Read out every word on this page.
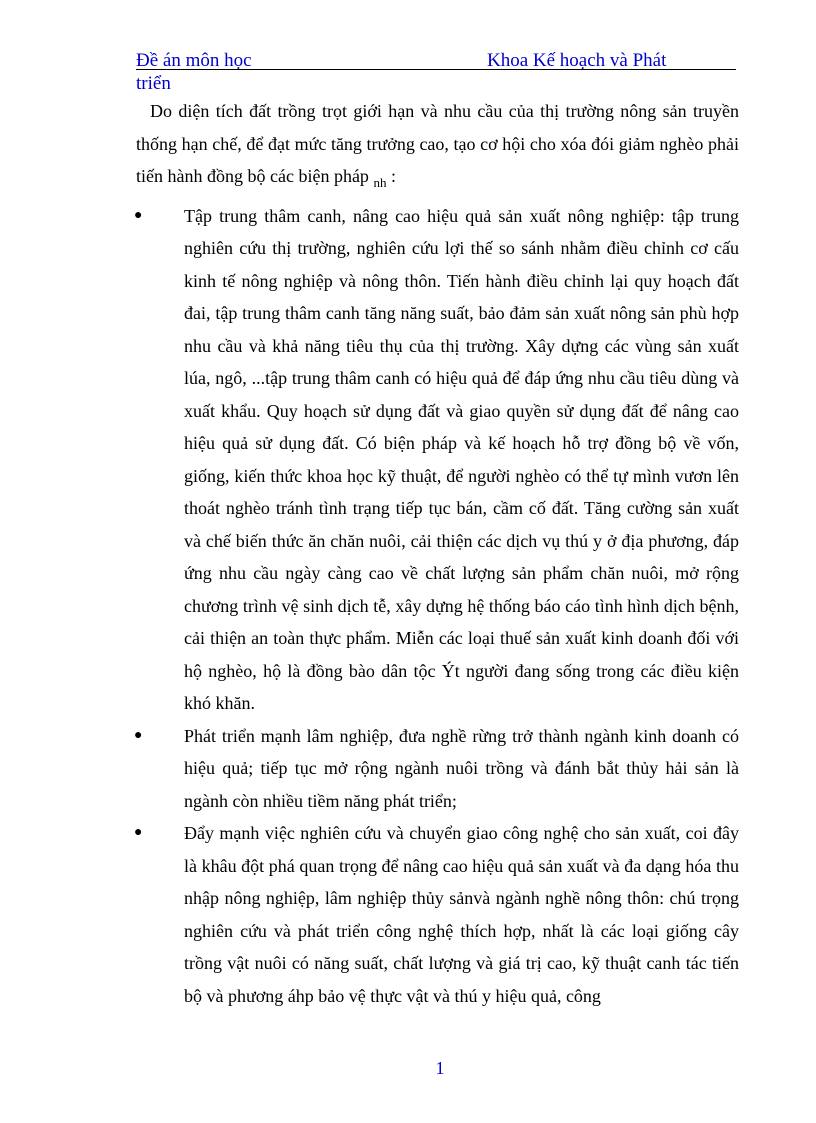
Đề án môn học	Khoa Kế hoạch và Phát
triển

Do diện tích đất trồng trọt giới hạn và nhu cầu của thị trường nông sản truyền thống hạn chế, để đạt mức tăng trưởng cao, tạo cơ hội cho xóa đói giảm nghèo phải tiến hành đồng bộ các biện pháp $_{nh}$ :

● Tập trung thâm canh, nâng cao hiệu quả sản xuất nông nghiệp: tập trung nghiên cứu thị trường, nghiên cứu lợi thế so sánh nhằm điều chỉnh cơ cấu kinh tế nông nghiệp và nông thôn. Tiến hành điều chỉnh lại quy hoạch đất đai, tập trung thâm canh tăng năng suất, bảo đảm sản xuất nông sản phù hợp nhu cầu và khả năng tiêu thụ của thị trường. Xây dựng các vùng sản xuất lúa, ngô, ...tập trung thâm canh có hiệu quả để đáp ứng nhu cầu tiêu dùng và xuất khẩu. Quy hoạch sử dụng đất và giao quyền sử dụng đất để nâng cao hiệu quả sử dụng đất. Có biện pháp và kế hoạch hỗ trợ đồng bộ về vốn, giống, kiến thức khoa học kỹ thuật, để người nghèo có thể tự mình vươn lên thoát nghèo tránh tình trạng tiếp tục bán, cầm cố đất. Tăng cường sản xuất và chế biến thức ăn chăn nuôi, cải thiện các dịch vụ thú y ở địa phương, đáp ứng nhu cầu ngày càng cao về chất lượng sản phẩm chăn nuôi, mở rộng chương trình vệ sinh dịch tễ, xây dựng hệ thống báo cáo tình hình dịch bệnh, cải thiện an toàn thực phẩm. Miễn các loại thuế sản xuất kinh doanh đối với hộ nghèo, hộ là đồng bào dân tộc Ýt người đang sống trong các điều kiện khó khăn.
● Phát triển mạnh lâm nghiệp, đưa nghề rừng trở thành ngành kinh doanh có hiệu quả; tiếp tục mở rộng ngành nuôi trồng và đánh bắt thủy hải sản là ngành còn nhiều tiềm năng phát triển;
● Đẩy mạnh việc nghiên cứu và chuyển giao công nghệ cho sản xuất, coi đây là khâu đột phá quan trọng để nâng cao hiệu quả sản xuất và đa dạng hóa thu nhập nông nghiệp, lâm nghiệp thủy sảnvà ngành nghề nông thôn: chú trọng nghiên cứu và phát triển công nghệ thích hợp, nhất là các loại giống cây trồng vật nuôi có năng suất, chất lượng và giá trị cao, kỹ thuật canh tác tiến bộ và phương áhp bảo vệ thực vật và thú y hiệu quả, công
1
